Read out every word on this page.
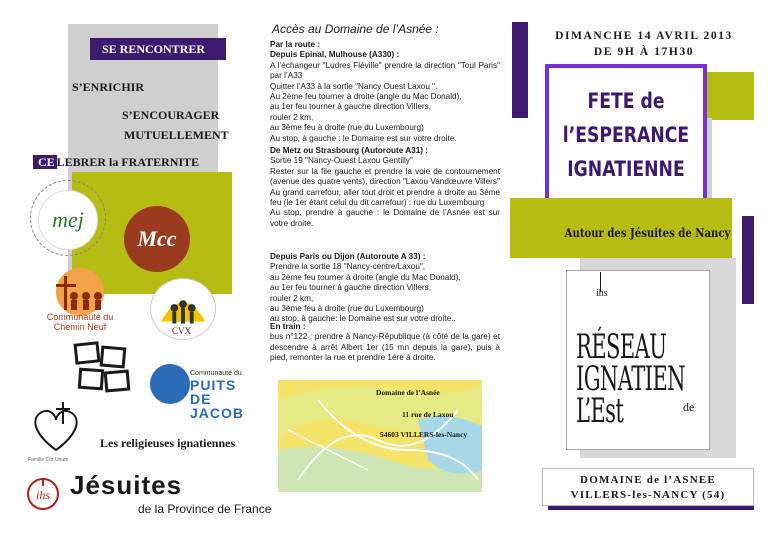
SE RENCONTRER
S’ENRICHIR
S’ENCOURAGER
MUTUELLEMENT
CE LEBRER la FRATERNITE
mej
Mcc
Communauté du Chemin Neuf	CVX
Communauté du
PUITS DE JACOB
Famille Cor Unum
Les religieuses ignatiennes
ihs Jésuites
de la Province de France
Accès au Domaine de l’Asnée :
Par la route :
Depuis Epinal, Mulhouse (A330) :
A l’échangeur "Ludres Fléville" prendre la direction "Toul Paris" par l’A33
Quitter l’A33 à la sortie "Nancy Ouest Laxou ".
Au 2ème feu tourner à droite (angle du Mac Donald),
au 1er feu tourner à gauche direction Villers,
rouler 2 km,
au 3ème feu à droite (rue du Luxembourg)
Au stop, à gauche : le Domaine est sur votre droite.
De Metz ou Strasbourg (Autoroute A31) :
Sortie 19 "Nancy-Ouest Laxou Gentilly"
Rester sur la file gauche et prendre la voie de contournement (avenue des quatre vents), direction "Laxou Vandœuvre Villers"
Au grand carrefour, aller tout droit et prendre à droite au 3ème feu (le 1er étant celui du dit carrefour) : rue du Luxembourg
Au stop, prendre à gauche : le Domaine de l’Asnée est sur votre droite.
Depuis Paris ou Dijon (Autoroute A 33) :
Prendre la sortie 18 "Nancy-centre/Laxou",
au 2ème feu tourner à droite (angle du Mac Donald),
au 1er feu tourner à gauche direction Villers,
rouler 2 km,
au 3ème feu à droite (rue du Luxembourg)
au stop, à gauche: le Domaine est sur votre droite..
En train :
bus n°122 : prendre à Nancy-République (à côté de la gare) et descendre à arrêt Albert 1er (15 mn depuis la gare), puis à pied, remonter la rue et prendre 1ère à droite.
Domaine de l’Asnée
11 rue de Laxou
54603 VILLERS-les-Nancy
DIMANCHE 14 AVRIL 2013
DE 9H À 17H30
FETE de
l’ESPERANCE
IGNATIENNE
Autour des Jésuites de Nancy
ihs
RÉSEAU
IGNATIEN
L’Est	de
DOMAINE de l’ASNEE
VILLERS-les-NANCY (54)
